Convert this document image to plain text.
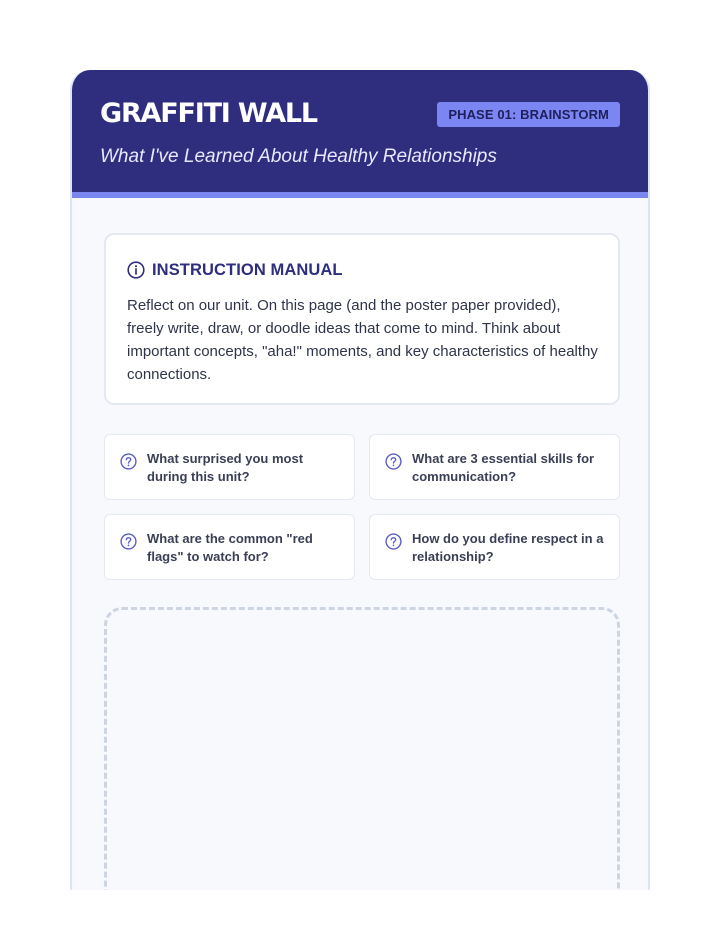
GRAFFITI WALL	PHASE 01: BRAINSTORM
What I've Learned About Healthy Relationships
INSTRUCTION MANUAL

Reflect on our unit. On this page (and the poster paper provided), freely write, draw, or doodle ideas that come to mind. Think about important concepts, "aha!" moments, and key characteristics of healthy connections.

What surprised you most during this unit?
What are 3 essential skills for communication?
What are the common "red flags" to watch for?
How do you define respect in a relationship?
